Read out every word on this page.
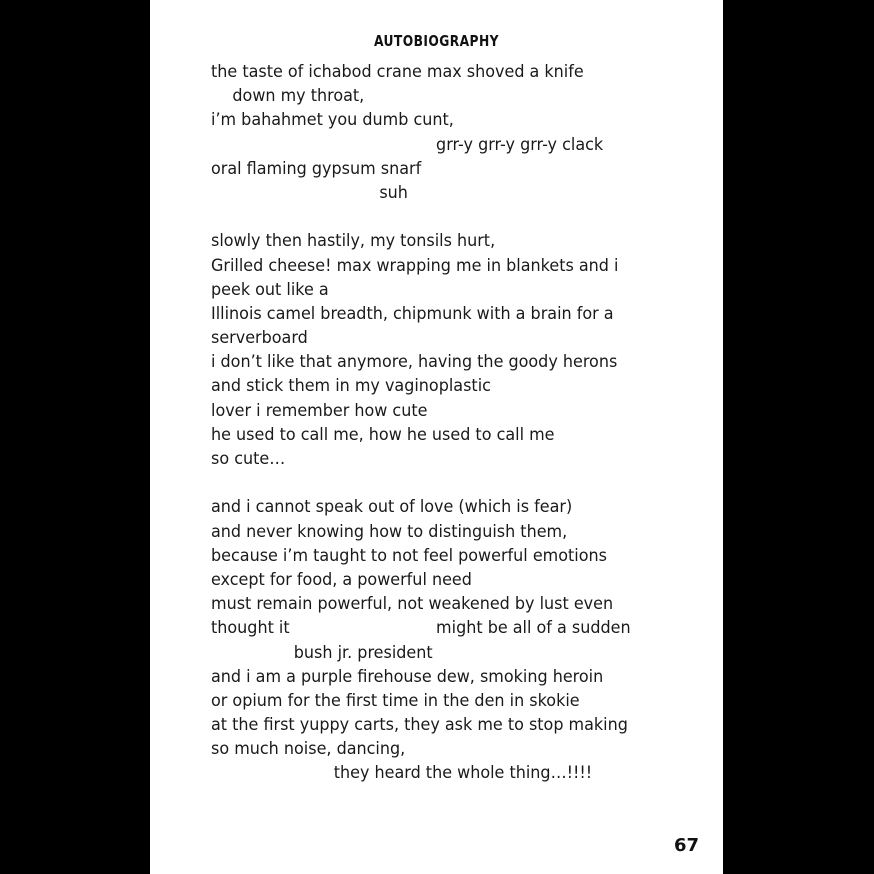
AUTOBIOGRAPHY
the taste of ichabod crane max shoved a knife
down my throat,
i’m bahahmet you dumb cunt,
grr-y grr-y grr-y clack
oral flaming gypsum snarf
suh
slowly then hastily, my tonsils hurt,
Grilled cheese! max wrapping me in blankets and i
peek out like a
Illinois camel breadth, chipmunk with a brain for a
serverboard
i don’t like that anymore, having the goody herons
and stick them in my vaginoplastic
lover i remember how cute
he used to call me, how he used to call me
so cute…
and i cannot speak out of love (which is fear)
and never knowing how to distinguish them,
because i’m taught to not feel powerful emotions
except for food, a powerful need
must remain powerful, not weakened by lust even
thought it	might be all of a sudden
bush jr. president
and i am a purple firehouse dew, smoking heroin
or opium for the first time in the den in skokie
at the first yuppy carts, they ask me to stop making
so much noise, dancing,
they heard the whole thing…!!!!
67
